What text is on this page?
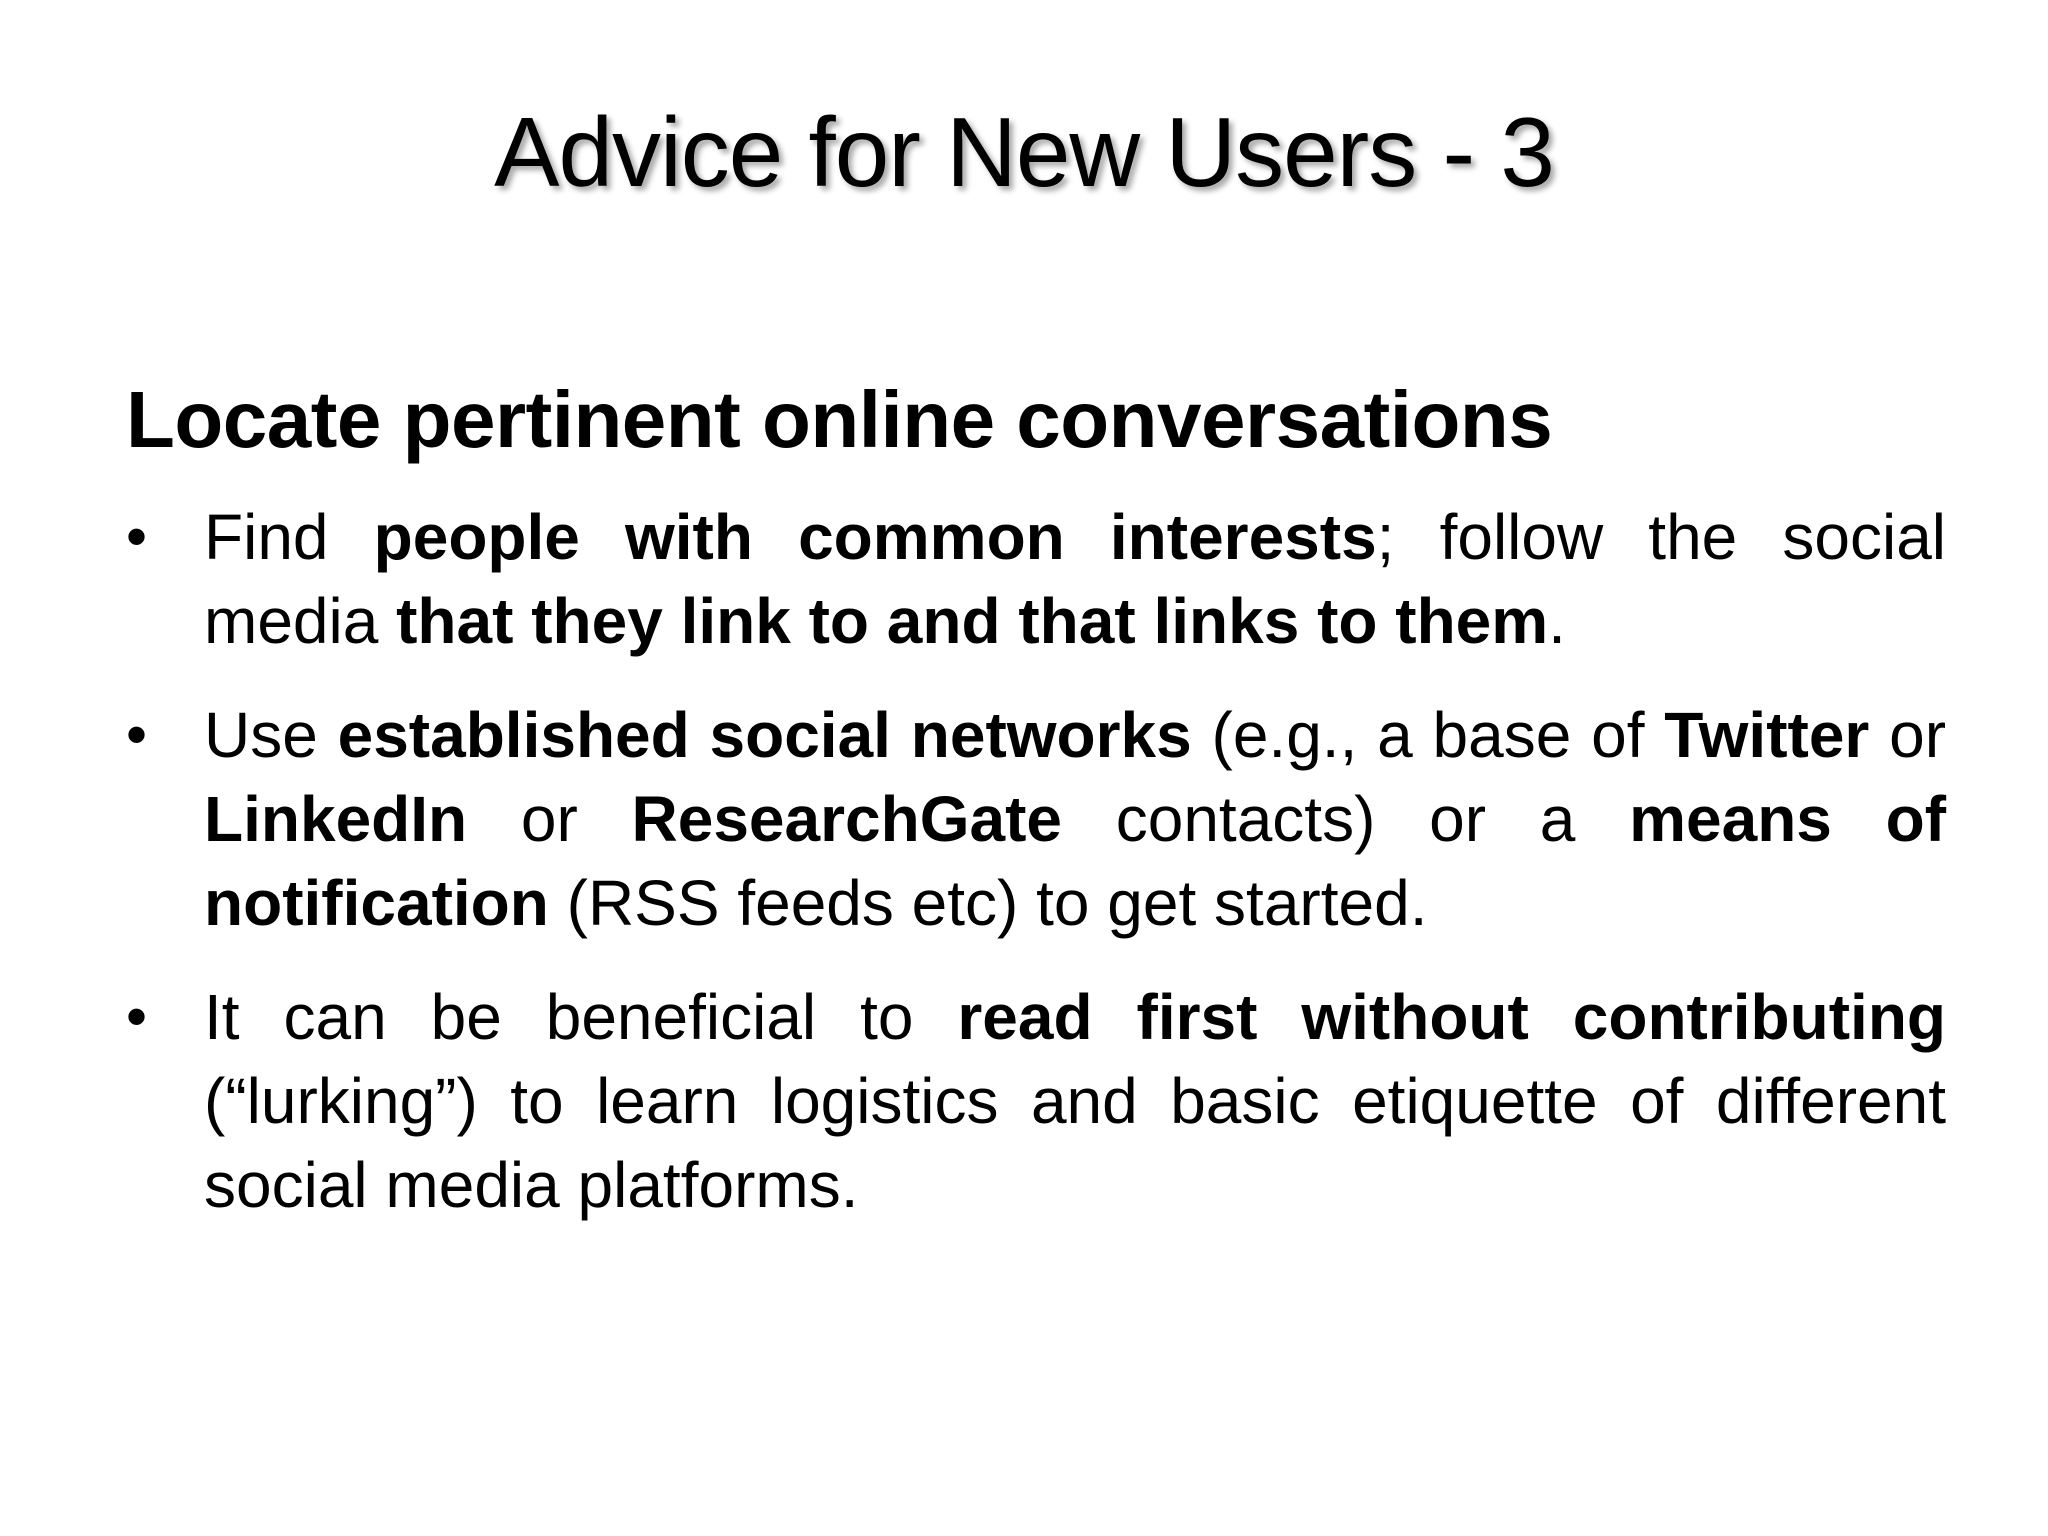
Advice for New Users - 3
Locate pertinent online conversations
• Find people with common interests; follow the social media that they link to and that links to them.
• Use established social networks (e.g., a base of Twitter or LinkedIn or ResearchGate contacts) or a means of notification (RSS feeds etc) to get started.
• It can be beneficial to read first without contributing (“lurking”) to learn logistics and basic etiquette of different social media platforms.
